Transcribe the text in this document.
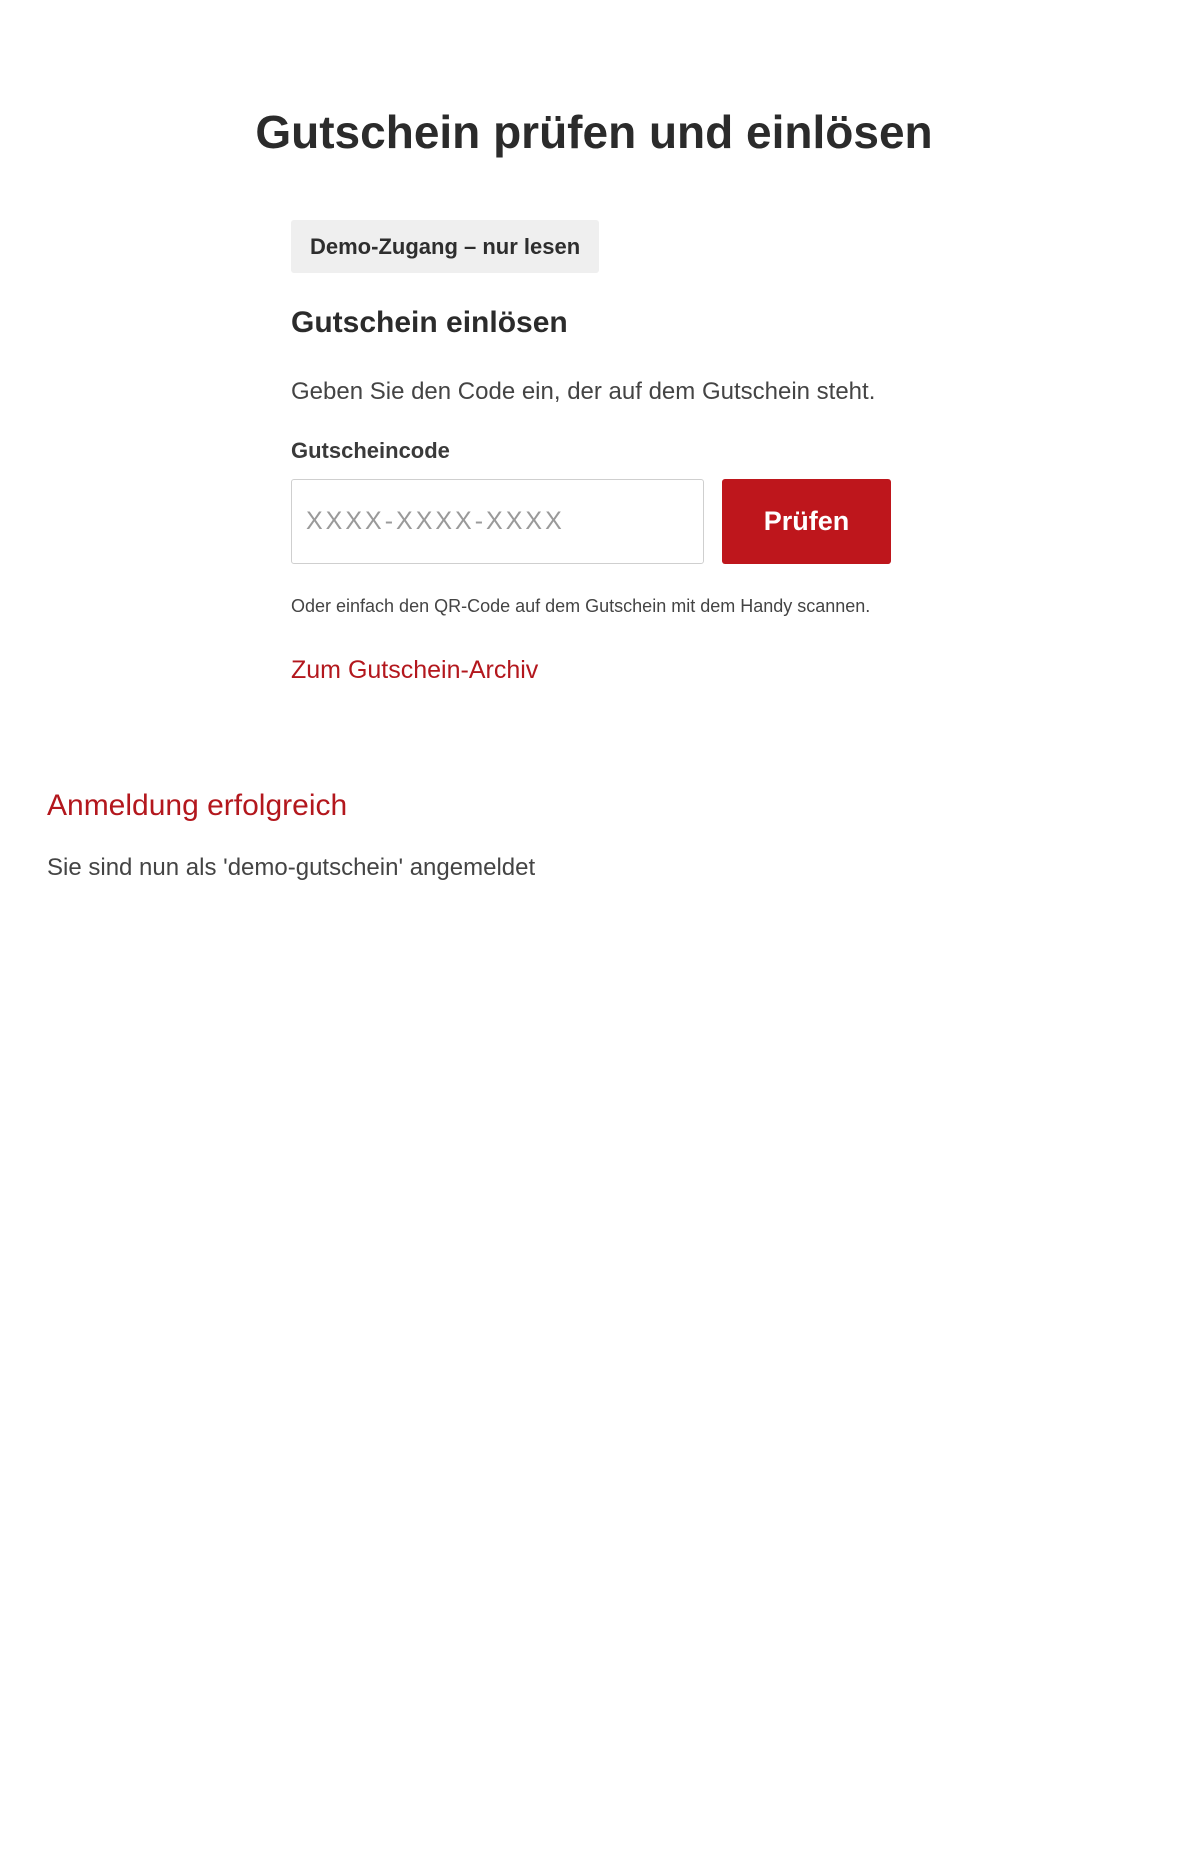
Gutschein prüfen und einlösen
Demo-Zugang – nur lesen
Gutschein einlösen

Geben Sie den Code ein, der auf dem Gutschein steht.

Gutscheincode
XXXX-XXXX-XXXX
Prüfen

Oder einfach den QR-Code auf dem Gutschein mit dem Handy scannen.

Zum Gutschein-Archiv
Anmeldung erfolgreich

Sie sind nun als 'demo-gutschein' angemeldet
